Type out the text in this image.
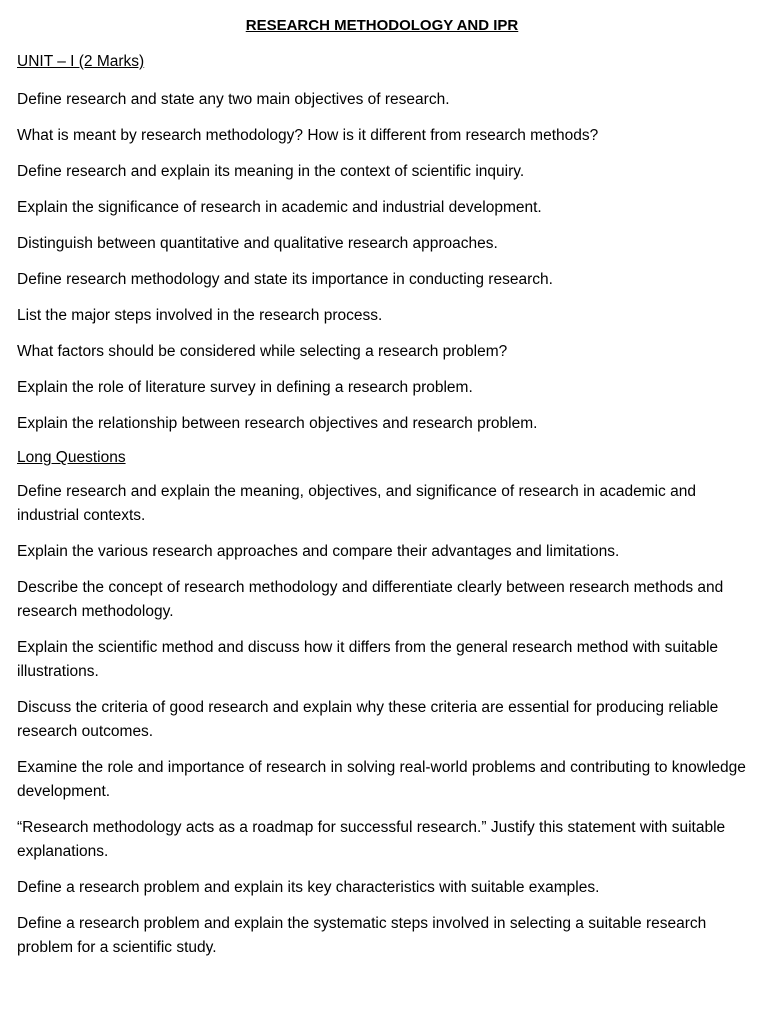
RESEARCH METHODOLOGY AND IPR
UNIT – I (2 Marks)

Define research and state any two main objectives of research.

What is meant by research methodology? How is it different from research methods?

Define research and explain its meaning in the context of scientific inquiry.

Explain the significance of research in academic and industrial development.

Distinguish between quantitative and qualitative research approaches.

Define research methodology and state its importance in conducting research.

List the major steps involved in the research process.

What factors should be considered while selecting a research problem?

Explain the role of literature survey in defining a research problem.

Explain the relationship between research objectives and research problem.

Long Questions

Define research and explain the meaning, objectives, and significance of research in academic and industrial contexts.

Explain the various research approaches and compare their advantages and limitations.

Describe the concept of research methodology and differentiate clearly between research methods and research methodology.

Explain the scientific method and discuss how it differs from the general research method with suitable illustrations.

Discuss the criteria of good research and explain why these criteria are essential for producing reliable research outcomes.

Examine the role and importance of research in solving real-world problems and contributing to knowledge development.

“Research methodology acts as a roadmap for successful research.” Justify this statement with suitable explanations.

Define a research problem and explain its key characteristics with suitable examples.

Define a research problem and explain the systematic steps involved in selecting a suitable research problem for a scientific study.
